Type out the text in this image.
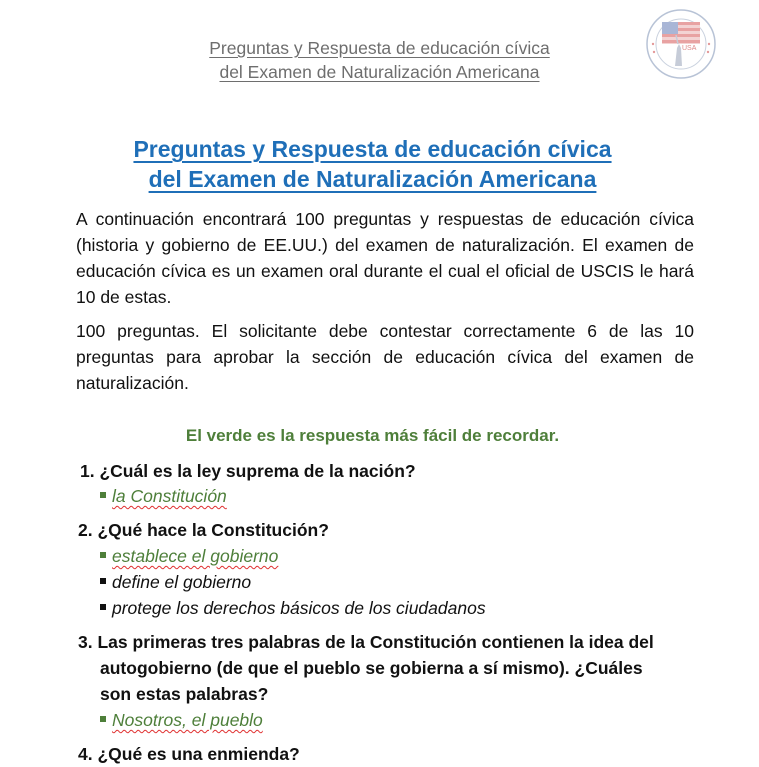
Preguntas y Respuesta de educación cívica
del Examen de Naturalización Americana
USA
Preguntas y Respuesta de educación cívica
del Examen de Naturalización Americana

A continuación encontrará 100 preguntas y respuestas de educación cívica (historia y gobierno de EE.UU.) del examen de naturalización. El examen de educación cívica es un examen oral durante el cual el oficial de USCIS le hará 10 de estas.

100 preguntas. El solicitante debe contestar correctamente 6 de las 10 preguntas para aprobar la sección de educación cívica del examen de naturalización.

El verde es la respuesta más fácil de recordar.
1. ¿Cuál es la ley suprema de la nación?
la Constitución
2. ¿Qué hace la Constitución?
establece el gobierno
define el gobierno
protege los derechos básicos de los ciudadanos
3. Las primeras tres palabras de la Constitución contienen la idea del
autogobierno (de que el pueblo se gobierna a sí mismo). ¿Cuáles
son estas palabras?
Nosotros, el pueblo
4. ¿Qué es una enmienda?
